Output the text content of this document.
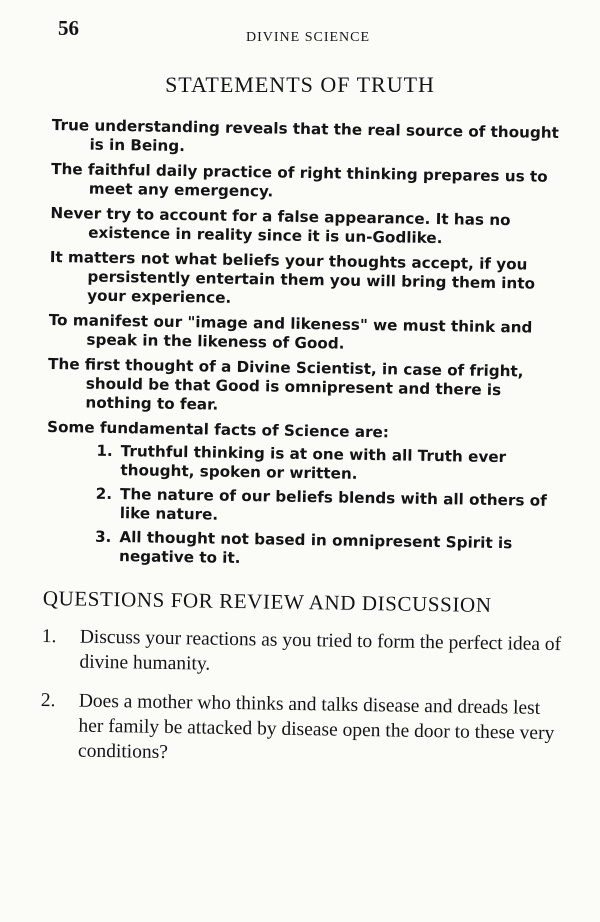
56	DIVINE SCIENCE
STATEMENTS OF TRUTH

True understanding reveals that the real source of thought is in Being.

The faithful daily practice of right thinking prepares us to meet any emergency.

Never try to account for a false appearance. It has no existence in reality since it is un-Godlike.

It matters not what beliefs your thoughts accept, if you persistently entertain them you will bring them into your experience.

To manifest our "image and likeness" we must think and speak in the likeness of Good.

The first thought of a Divine Scientist, in case of fright, should be that Good is omnipresent and there is nothing to fear.

Some fundamental facts of Science are:

1. Truthful thinking is at one with all Truth ever thought, spoken or written.
2. The nature of our beliefs blends with all others of like nature.
3. All thought not based in omnipresent Spirit is negative to it.
QUESTIONS FOR REVIEW AND DISCUSSION
1.	Discuss your reactions as you tried to form the perfect idea of divine humanity.
2.	Does a mother who thinks and talks disease and dreads lest her family be attacked by disease open the door to these very conditions?
